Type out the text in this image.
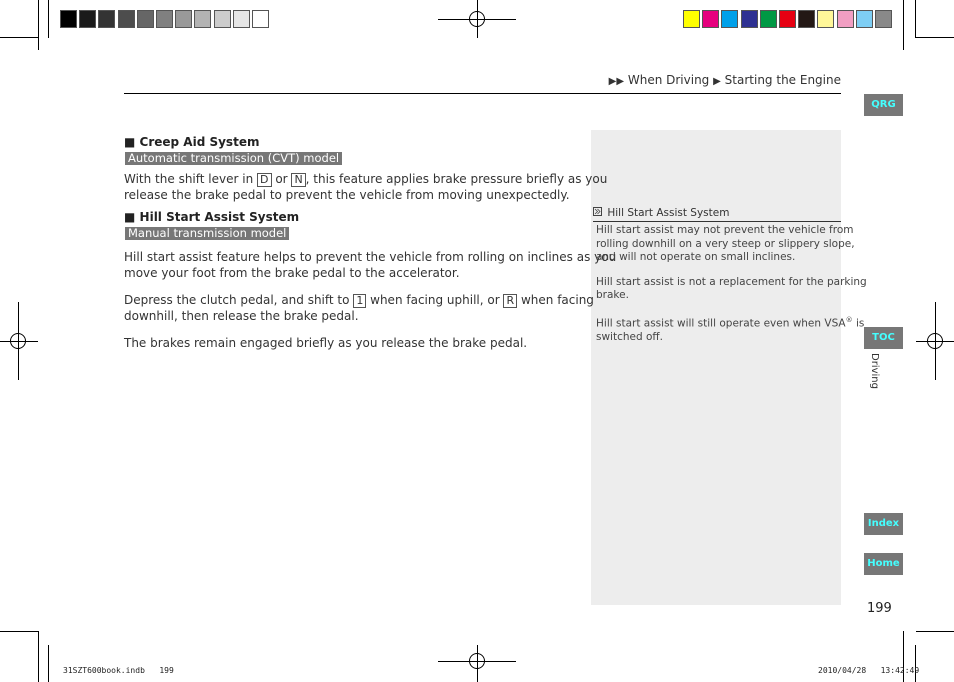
▶▶ When Driving ▶ Starting the Engine
■ Creep Aid System
Automatic transmission (CVT) model
With the shift lever in D or N , this feature applies brake pressure briefly as you
release the brake pedal to prevent the vehicle from moving unexpectedly.
■ Hill Start Assist System
Manual transmission model
Hill start assist feature helps to prevent the vehicle from rolling on inclines as you
move your foot from the brake pedal to the accelerator.
Depress the clutch pedal, and shift to 1 when facing uphill, or R when facing
downhill, then release the brake pedal.
The brakes remain engaged briefly as you release the brake pedal.
Hill Start Assist System
Hill start assist may not prevent the vehicle from
rolling downhill on a very steep or slippery slope,
and will not operate on small inclines.
Hill start assist is not a replacement for the parking
brake.
Hill start assist will still operate even when VSA® is
switched off.
QRG
TOC
Driving
Index
Home
199
31SZT600book.indb   199	2010/04/28   13:42:49
